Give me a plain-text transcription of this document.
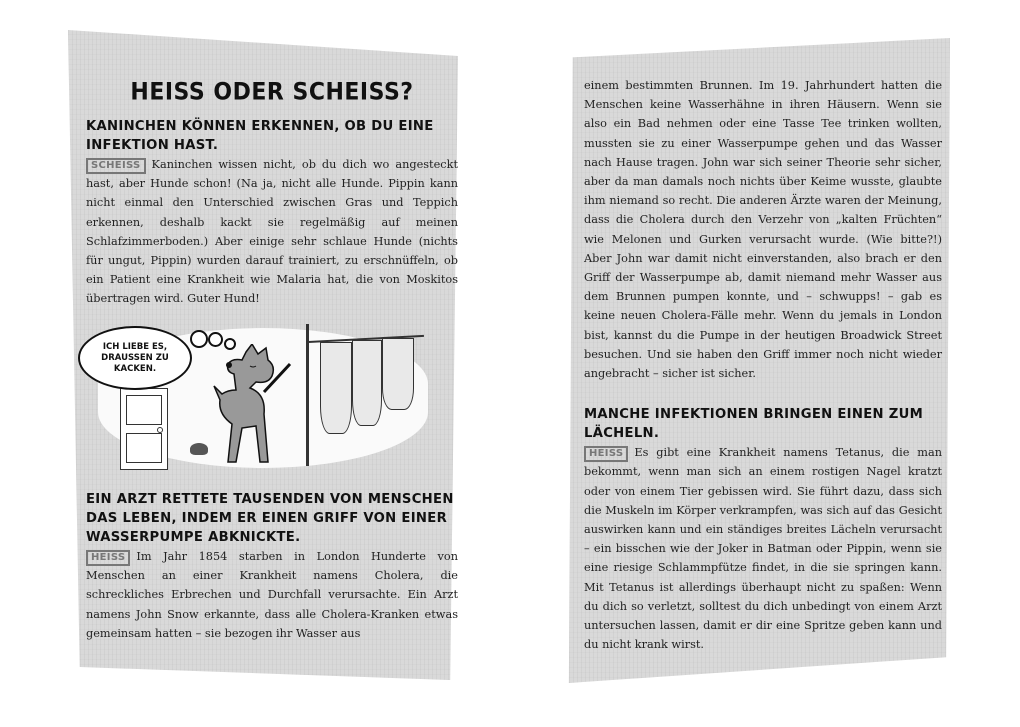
HEISS ODER SCHEISS?
KANINCHEN KÖNNEN ERKENNEN, OB DU EINE INFEKTION HAST.

SCHEISS Kaninchen wissen nicht, ob du dich wo angesteckt hast, aber Hunde schon! (Na ja, nicht alle Hunde. Pippin kann nicht einmal den Unterschied zwischen Gras und Teppich erkennen, deshalb kackt sie regelmäßig auf meinen Schlafzimmerboden.) Aber einige sehr schlaue Hunde (nichts für ungut, Pippin) wurden darauf trainiert, zu erschnüffeln, ob ein Patient eine Krankheit wie Malaria hat, die von Moskitos übertragen wird. Guter Hund!

ICH LIEBE ES, DRAUSSEN ZU KACKEN.
EIN ARZT RETTETE TAUSENDEN VON MENSCHEN DAS LEBEN, INDEM ER EINEN GRIFF VON EINER WASSERPUMPE ABKNICKTE.

HEISS Im Jahr 1854 starben in London Hunderte von Menschen an einer Krankheit namens Cholera, die schreckliches Erbrechen und Durchfall verursachte. Ein Arzt namens John Snow erkannte, dass alle Cholera-Kranken etwas gemeinsam hatten – sie bezogen ihr Wasser aus

einem bestimmten Brunnen. Im 19. Jahrhundert hatten die Menschen keine Wasserhähne in ihren Häusern. Wenn sie also ein Bad nehmen oder eine Tasse Tee trinken wollten, mussten sie zu einer Wasserpumpe gehen und das Wasser nach Hause tragen. John war sich seiner Theorie sehr sicher, aber da man damals noch nichts über Keime wusste, glaubte ihm niemand so recht. Die anderen Ärzte waren der Meinung, dass die Cholera durch den Verzehr von „kalten Früchten“ wie Melonen und Gurken verursacht wurde. (Wie bitte?!) Aber John war damit nicht einverstanden, also brach er den Griff der Wasserpumpe ab, damit niemand mehr Wasser aus dem Brunnen pumpen konnte, und – schwupps! – gab es keine neuen Cholera-Fälle mehr. Wenn du jemals in London bist, kannst du die Pumpe in der heutigen Broadwick Street besuchen. Und sie haben den Griff immer noch nicht wieder angebracht – sicher ist sicher.

MANCHE INFEKTIONEN BRINGEN EINEN ZUM LÄCHELN.

HEISS Es gibt eine Krankheit namens Tetanus, die man bekommt, wenn man sich an einem rostigen Nagel kratzt oder von einem Tier gebissen wird. Sie führt dazu, dass sich die Muskeln im Körper verkrampfen, was sich auf das Gesicht auswirken kann und ein ständiges breites Lächeln verursacht – ein bisschen wie der Joker in Batman oder Pippin, wenn sie eine riesige Schlammpfütze findet, in die sie springen kann. Mit Tetanus ist allerdings überhaupt nicht zu spaßen: Wenn du dich so verletzt, solltest du dich unbedingt von einem Arzt untersuchen lassen, damit er dir eine Spritze geben kann und du nicht krank wirst.
